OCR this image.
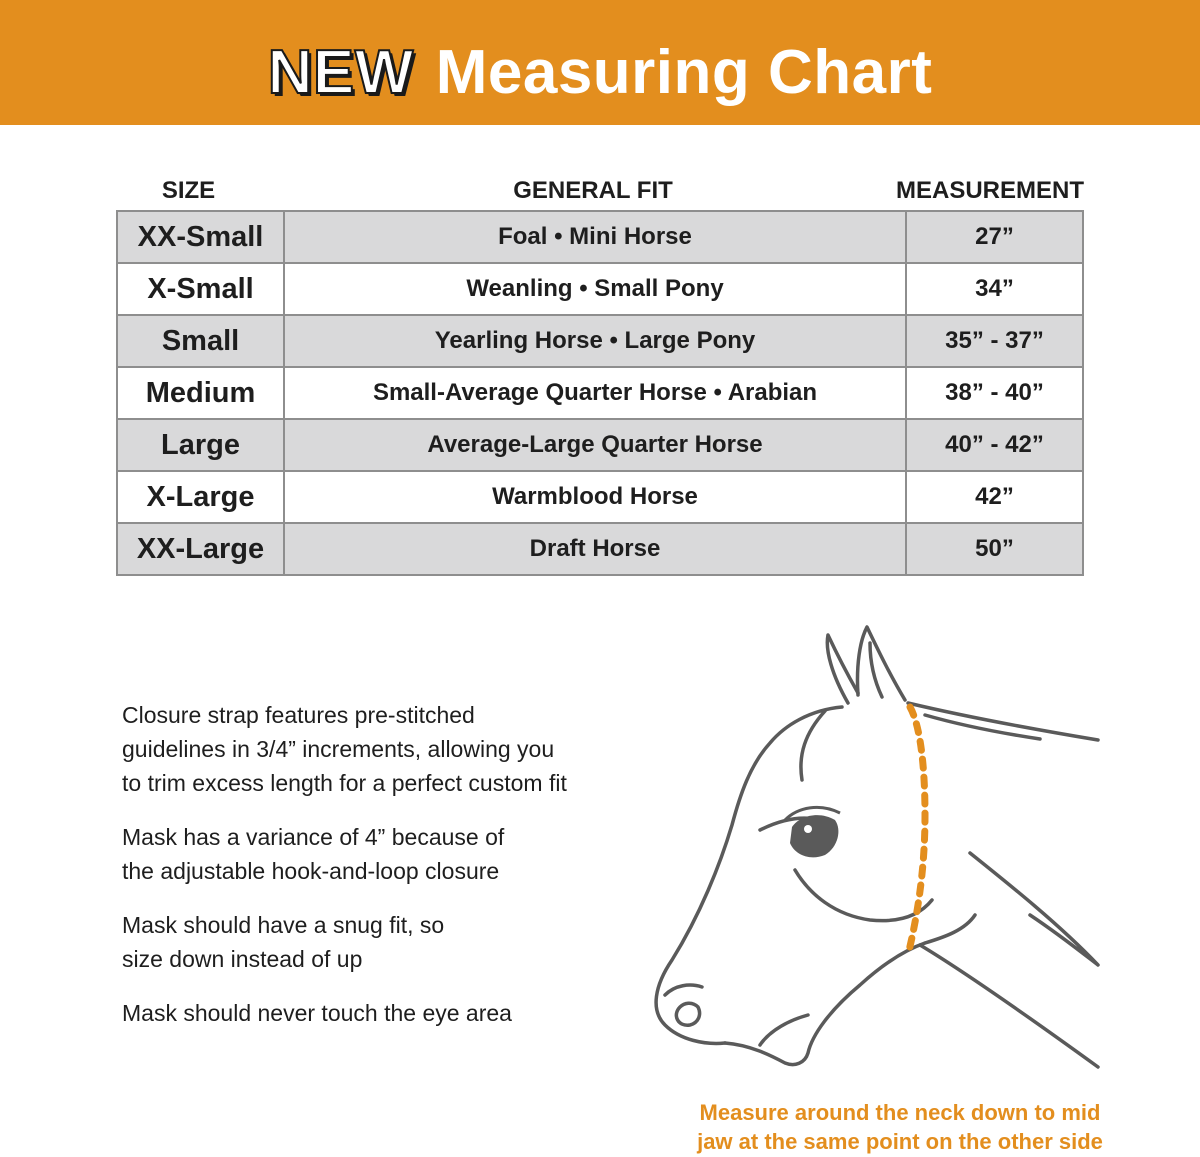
NEW Measuring Chart
SIZE	GENERAL FIT	MEASUREMENT
XX-Small	Foal • Mini Horse	27”
X-Small	Weanling • Small Pony	34”
Small	Yearling Horse • Large Pony	35” - 37”
Medium	Small-Average Quarter Horse • Arabian	38” - 40”
Large	Average-Large Quarter Horse	40” - 42”
X-Large	Warmblood Horse	42”
XX-Large	Draft Horse	50”

Closure strap features pre-stitched
guidelines in 3/4” increments, allowing you
to trim excess length for a perfect custom fit

Mask has a variance of 4” because of
the adjustable hook-and-loop closure

Mask should have a snug fit, so
size down instead of up

Mask should never touch the eye area

Measure around the neck down to mid
jaw at the same point on the other side
